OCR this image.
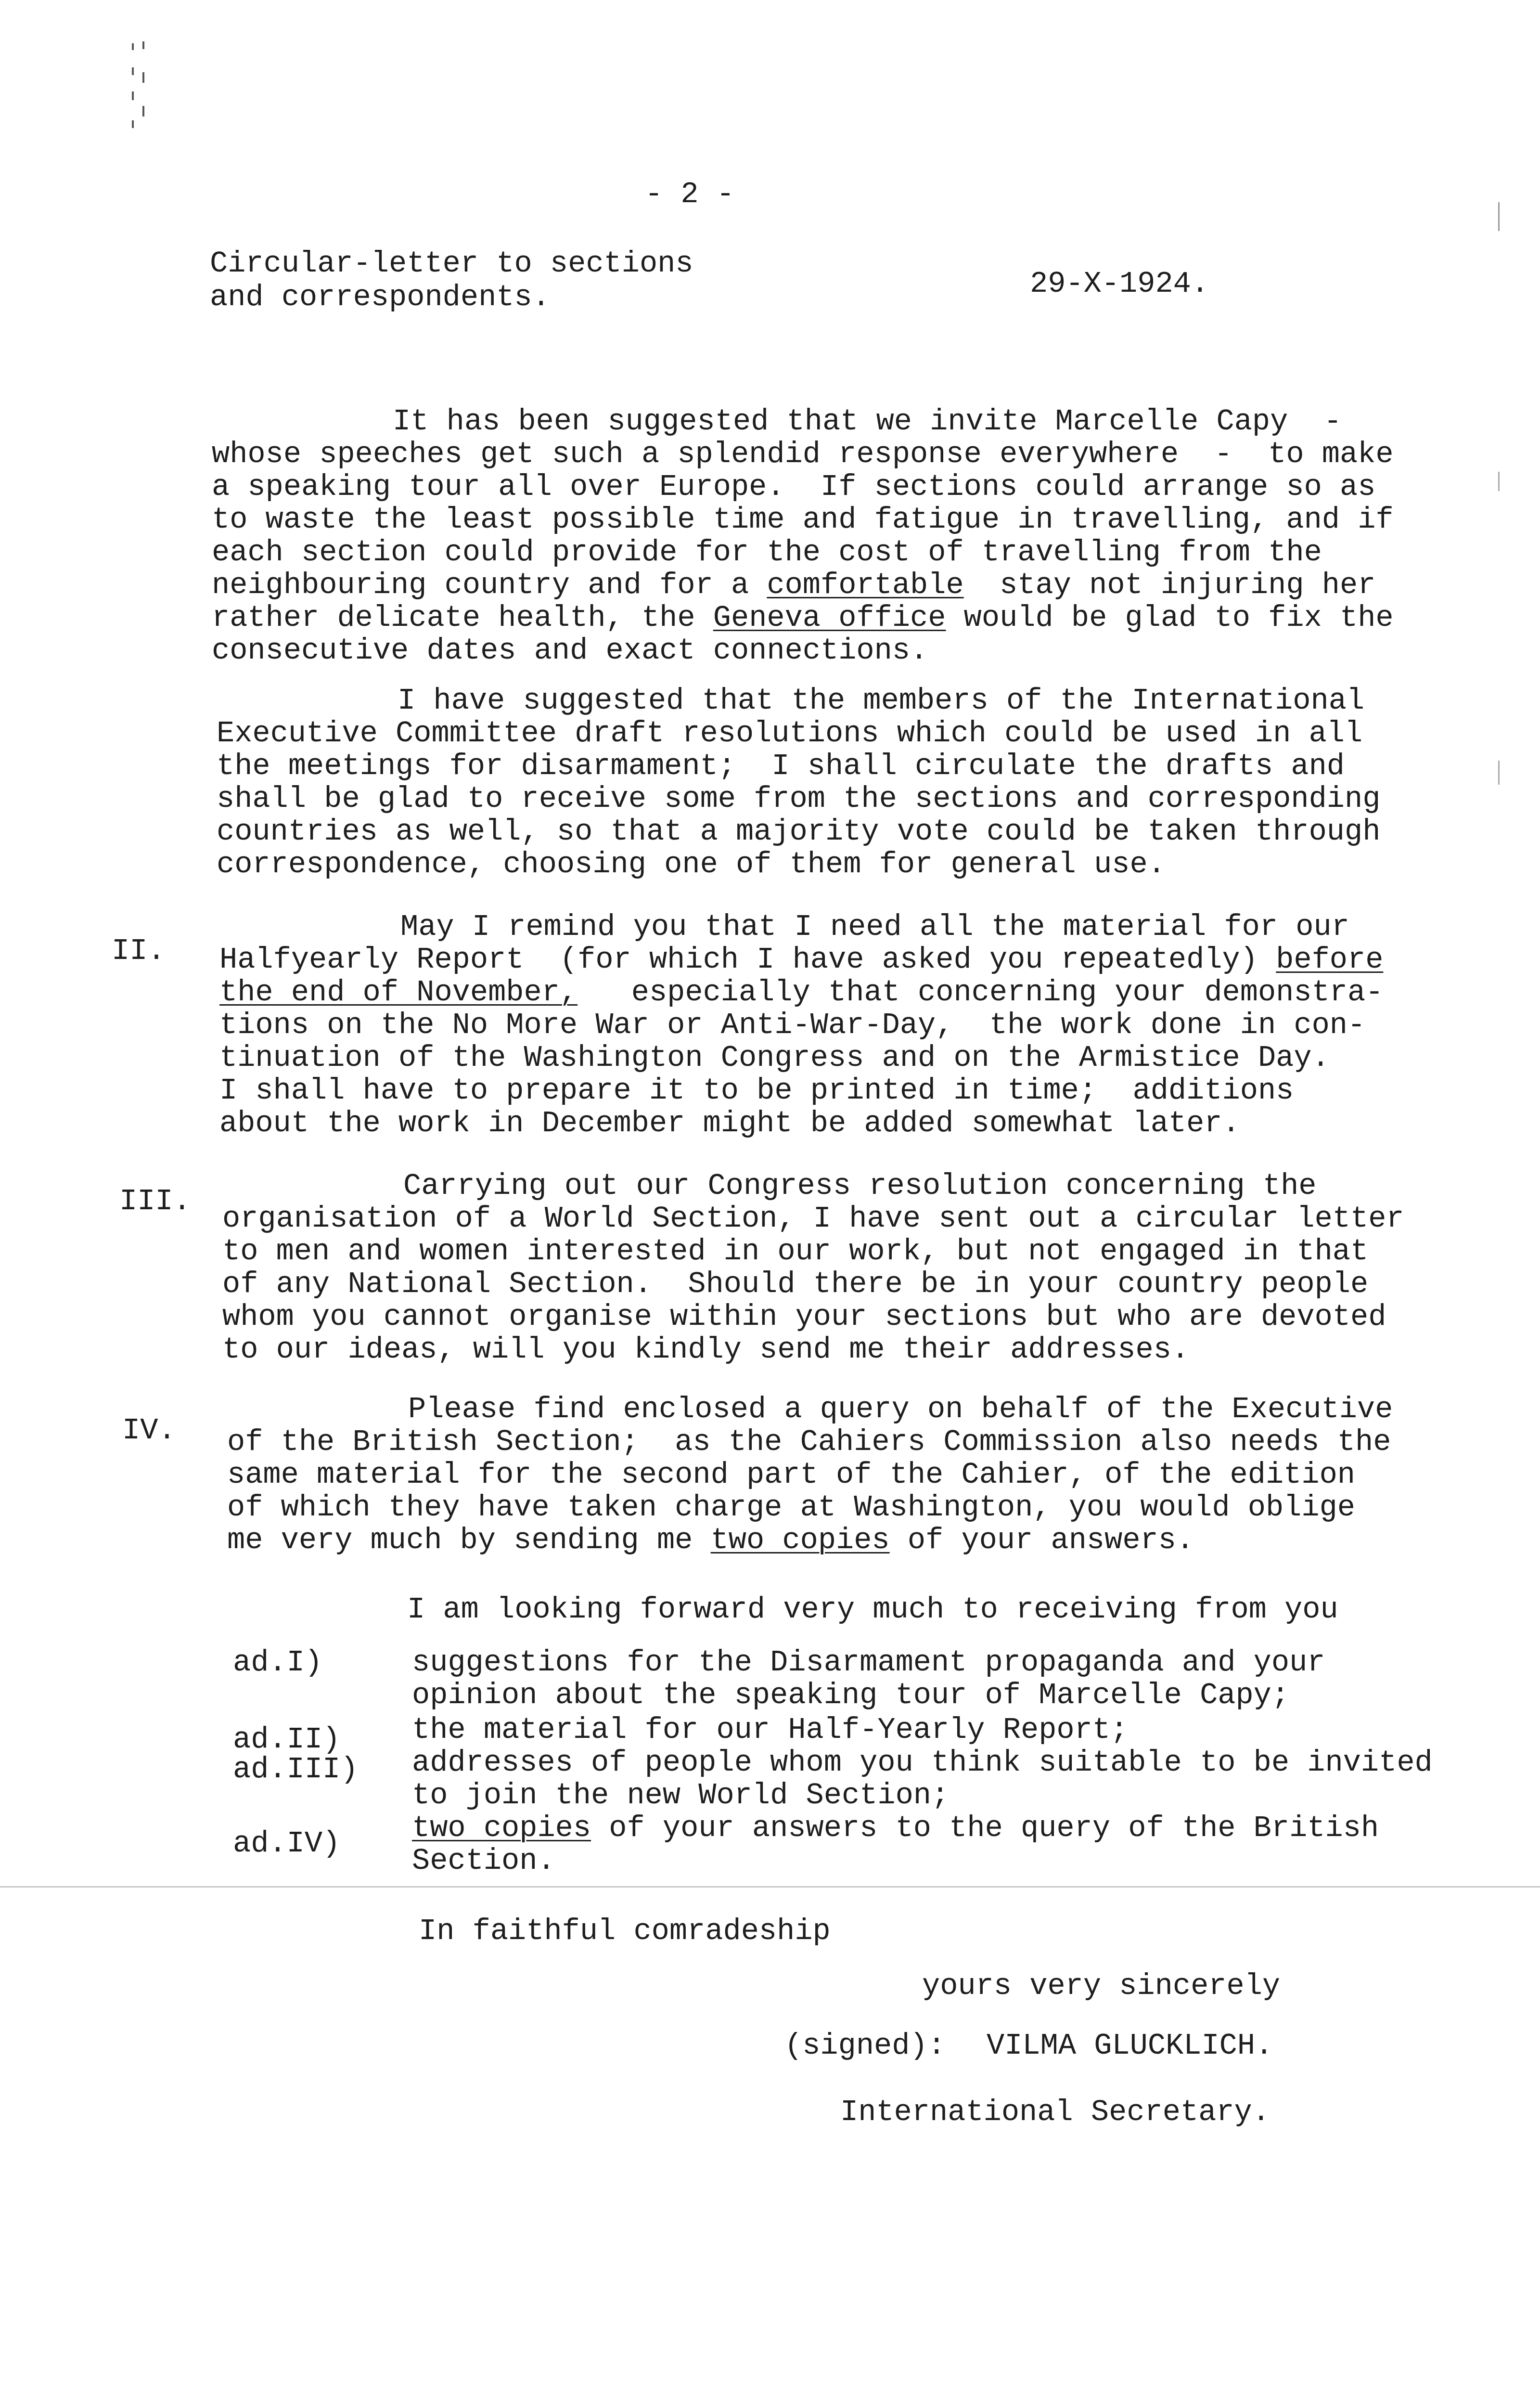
- 2 -
Circular-letter to sections
and correspondents.	29-X-1924.
It has been suggested that we invite Marcelle Capy  -
whose speeches get such a splendid response everywhere  -  to make
a speaking tour all over Europe.  If sections could arrange so as
to waste the least possible time and fatigue in travelling, and if
each section could provide for the cost of travelling from the
neighbouring country and for a comfortable  stay not injuring her
rather delicate health, the Geneva office would be glad to fix the
consecutive dates and exact connections.
I have suggested that the members of the International
Executive Committee draft resolutions which could be used in all
the meetings for disarmament;  I shall circulate the drafts and
shall be glad to receive some from the sections and corresponding
countries as well, so that a majority vote could be taken through
correspondence, choosing one of them for general use.
II.
May I remind you that I need all the material for our
Halfyearly Report  (for which I have asked you repeatedly) before
the end of November,   especially that concerning your demonstra-
tions on the No More War or Anti-War-Day,  the work done in con-
tinuation of the Washington Congress and on the Armistice Day.
I shall have to prepare it to be printed in time;  additions
about the work in December might be added somewhat later.
III.	Carrying out our Congress resolution concerning the
organisation of a World Section, I have sent out a circular letter
to men and women interested in our work, but not engaged in that
of any National Section.  Should there be in your country people
whom you cannot organise within your sections but who are devoted
to our ideas, will you kindly send me their addresses.
IV.
Please find enclosed a query on behalf of the Executive
of the British Section;  as the Cahiers Commission also needs the
same material for the second part of the Cahier, of the edition
of which they have taken charge at Washington, you would oblige
me very much by sending me two copies of your answers.
I am looking forward very much to receiving from you
ad.I)	suggestions for the Disarmament propaganda and your
opinion about the speaking tour of Marcelle Capy;
ad.II) the material for our Half-Yearly Report;
ad.III) addresses of people whom you think suitable to be invited
to join the new World Section;
ad.IV) two copies of your answers to the query of the British
Section.
In faithful comradeship
yours very sincerely
(signed): VILMA GLUCKLICH.
International Secretary.
